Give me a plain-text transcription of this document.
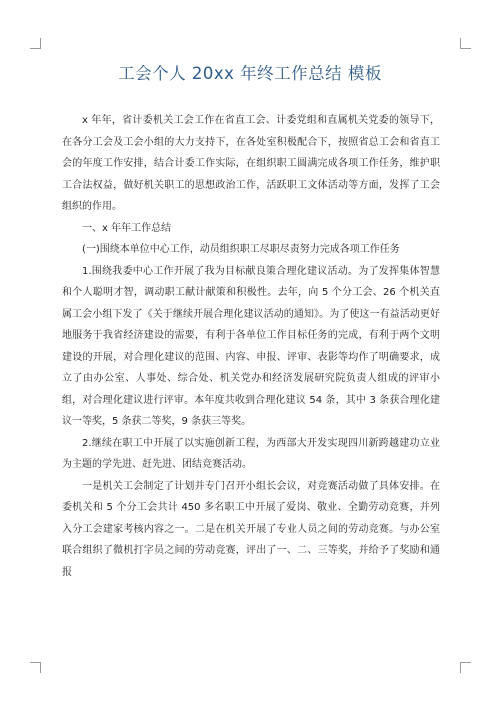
工会个人 20xx 年终工作总结 模板

x 年年，省计委机关工会工作在省直工会、计委党组和直属机关党委的领导下，在各分工会及工会小组的大力支持下，在各处室积极配合下，按照省总工会和省直工会的年度工作安排，结合计委工作实际，在组织职工圆满完成各项工作任务，维护职工合法权益，做好机关职工的思想政治工作，活跃职工文体活动等方面，发挥了工会组织的作用。

一、x 年年工作总结

(一)围绕本单位中心工作，动员组织职工尽职尽责努力完成各项工作任务

1.围绕我委中心工作开展了我为目标献良策合理化建议活动。为了发挥集体智慧和个人聪明才智，调动职工献计献策和积极性。去年，向 5 个分工会、26 个机关直属工会小组下发了《关于继续开展合理化建议活动的通知》。为了使这一有益活动更好地服务于我省经济建设的需要，有利于各单位工作目标任务的完成，有利于两个文明建设的开展，对合理化建议的范围、内容、申报、评审、表影等均作了明确要求，成立了由办公室、人事处、综合处、机关党办和经济发展研究院负责人组成的评审小组，对合理化建议进行评审。本年度共收到合理化建议 54 条，其中 3 条获合理化建议一等奖，5 条获二等奖，9 条获三等奖。

2.继续在职工中开展了以实施创新工程，为西部大开发实现四川新跨越建功立业为主题的学先进、赶先进、团结竞赛活动。

一是机关工会制定了计划并专门召开小组长会议，对竞赛活动做了具体安排。在委机关和 5 个分工会共计 450 多名职工中开展了爱岗、敬业、全勤劳动竞赛，并列入分工会建家考核内容之一。二是在机关开展了专业人员之间的劳动竞赛。与办公室联合组织了微机打字员之间的劳动竞赛，评出了一、二、三等奖，并给予了奖励和通报
